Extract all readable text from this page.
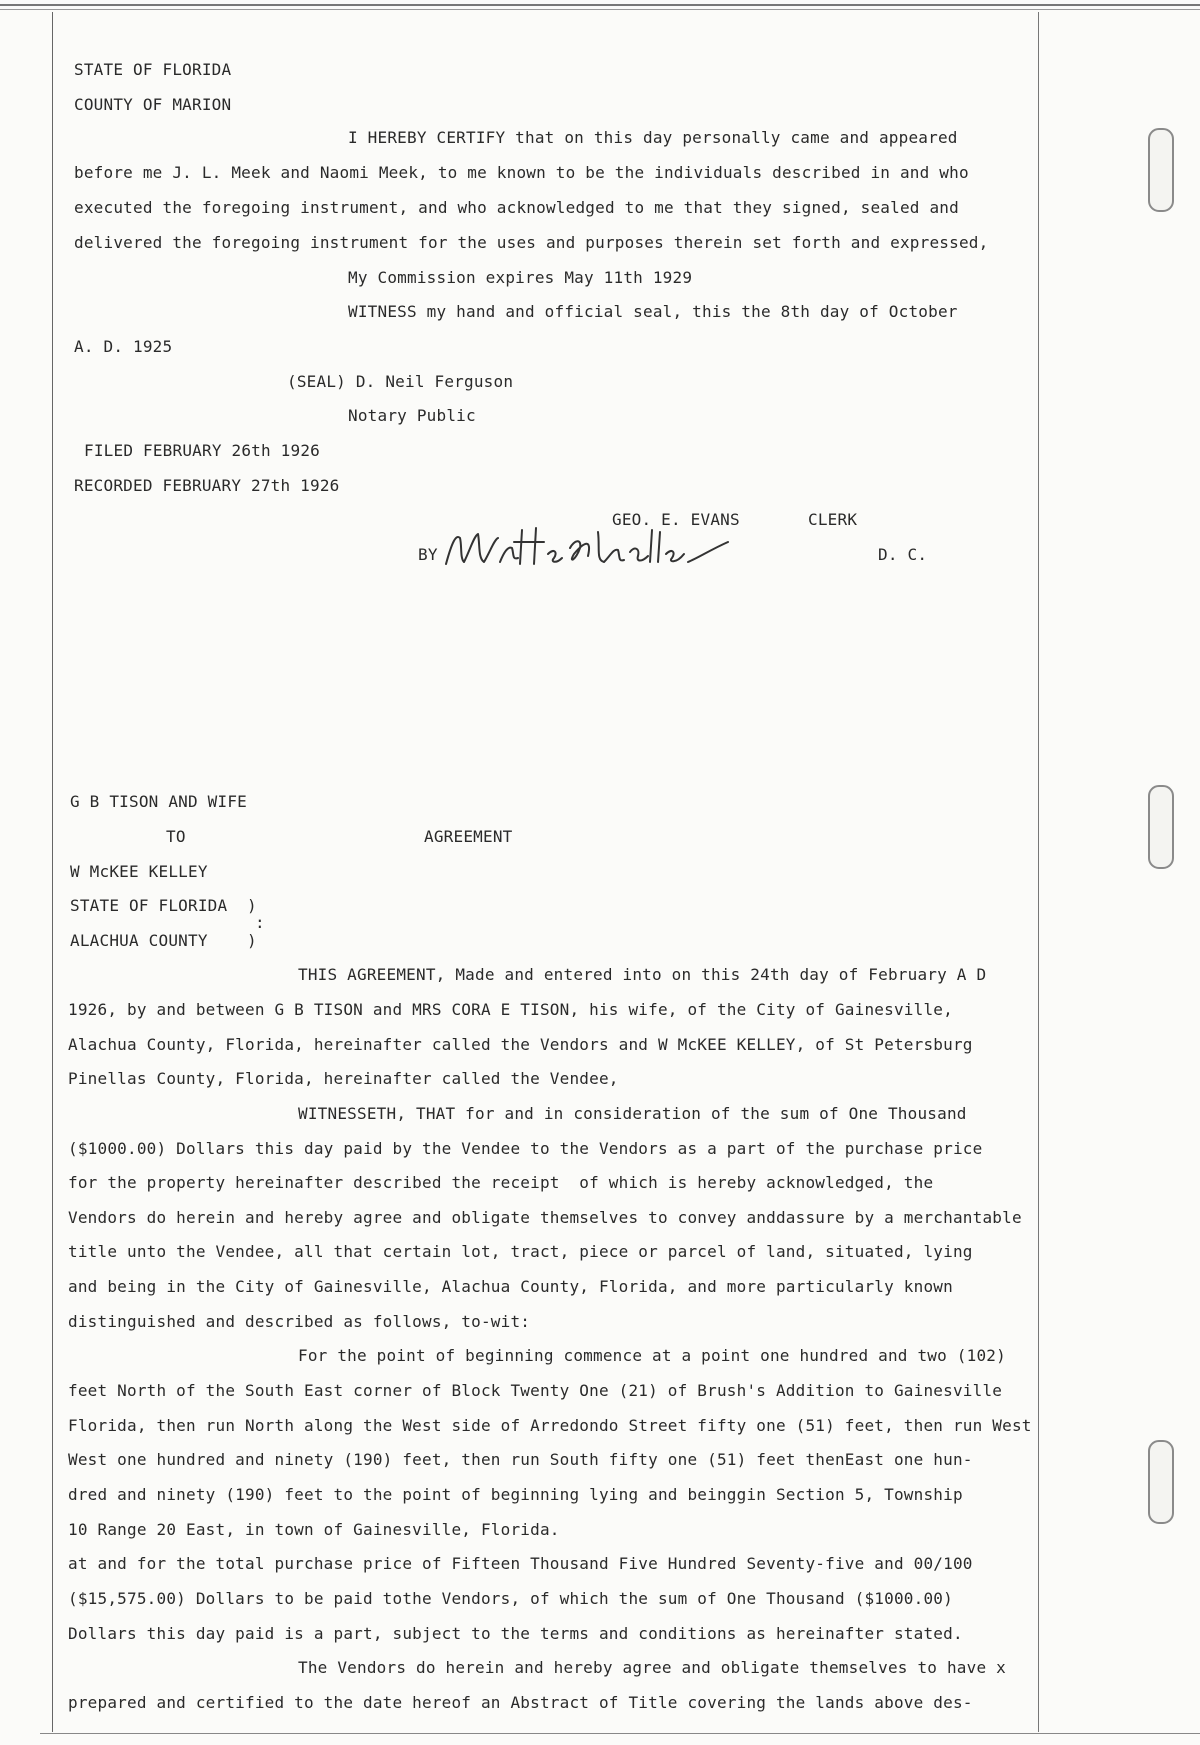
STATE OF FLORIDA
COUNTY OF MARION
I HEREBY CERTIFY that on this day personally came and appeared
before me J. L. Meek and Naomi Meek, to me known to be the individuals described in and who
executed the foregoing instrument, and who acknowledged to me that they signed, sealed and
delivered the foregoing instrument for the uses and purposes therein set forth and expressed,
My Commission expires May 11th 1929
WITNESS my hand and official seal, this the 8th day of October
A. D. 1925
(SEAL) D. Neil Ferguson
Notary Public
FILED FEBRUARY 26th 1926
RECORDED FEBRUARY 27th 1926
GEO. E. EVANS	CLERK
BY	D. C.
G B TISON AND WIFE
TO	AGREEMENT
W McKEE KELLEY
STATE OF FLORIDA  )
:
ALACHUA COUNTY    )
THIS AGREEMENT, Made and entered into on this 24th day of February A D
1926, by and between G B TISON and MRS CORA E TISON, his wife, of the City of Gainesville,
Alachua County, Florida, hereinafter called the Vendors and W McKEE KELLEY, of St Petersburg
Pinellas County, Florida, hereinafter called the Vendee,
WITNESSETH, THAT for and in consideration of the sum of One Thousand
($1000.00) Dollars this day paid by the Vendee to the Vendors as a part of the purchase price
for the property hereinafter described the receipt  of which is hereby acknowledged, the
Vendors do herein and hereby agree and obligate themselves to convey anddassure by a merchantable
title unto the Vendee, all that certain lot, tract, piece or parcel of land, situated, lying
and being in the City of Gainesville, Alachua County, Florida, and more particularly known
distinguished and described as follows, to-wit:
For the point of beginning commence at a point one hundred and two (102)
feet North of the South East corner of Block Twenty One (21) of Brush's Addition to Gainesville
Florida, then run North along the West side of Arredondo Street fifty one (51) feet, then run West
West one hundred and ninety (190) feet, then run South fifty one (51) feet thenEast one hun-
dred and ninety (190) feet to the point of beginning lying and beinggin Section 5, Township
10 Range 20 East, in town of Gainesville, Florida.
at and for the total purchase price of Fifteen Thousand Five Hundred Seventy-five and 00/100
($15,575.00) Dollars to be paid tothe Vendors, of which the sum of One Thousand ($1000.00)
Dollars this day paid is a part, subject to the terms and conditions as hereinafter stated.
The Vendors do herein and hereby agree and obligate themselves to have x
prepared and certified to the date hereof an Abstract of Title covering the lands above des-
